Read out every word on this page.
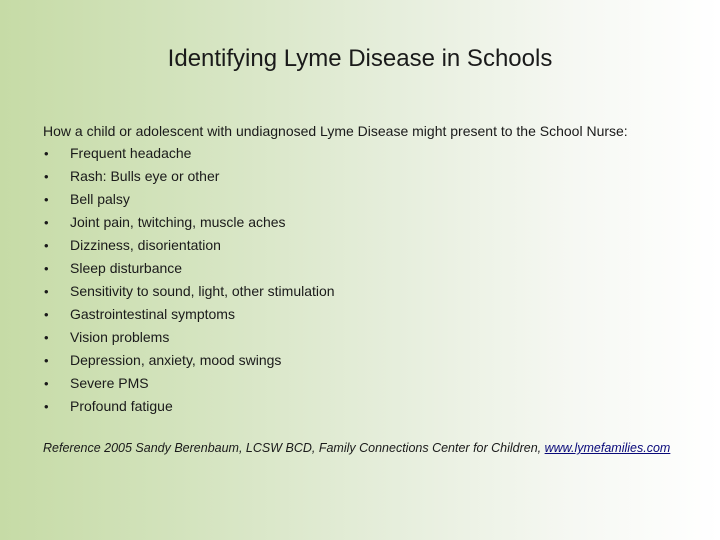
Identifying Lyme Disease in Schools
How a child or adolescent with undiagnosed Lyme Disease might present to the School Nurse:
•	Frequent headache
•	Rash: Bulls eye or other
•	Bell palsy
•	Joint pain, twitching, muscle aches
•	Dizziness, disorientation
•	Sleep disturbance
•	Sensitivity to sound, light, other stimulation
•	Gastrointestinal symptoms
•	Vision problems
•	Depression, anxiety, mood swings
•	Severe PMS
•	Profound fatigue
Reference 2005 Sandy Berenbaum, LCSW BCD, Family Connections Center for Children, www.lymefamilies.com
